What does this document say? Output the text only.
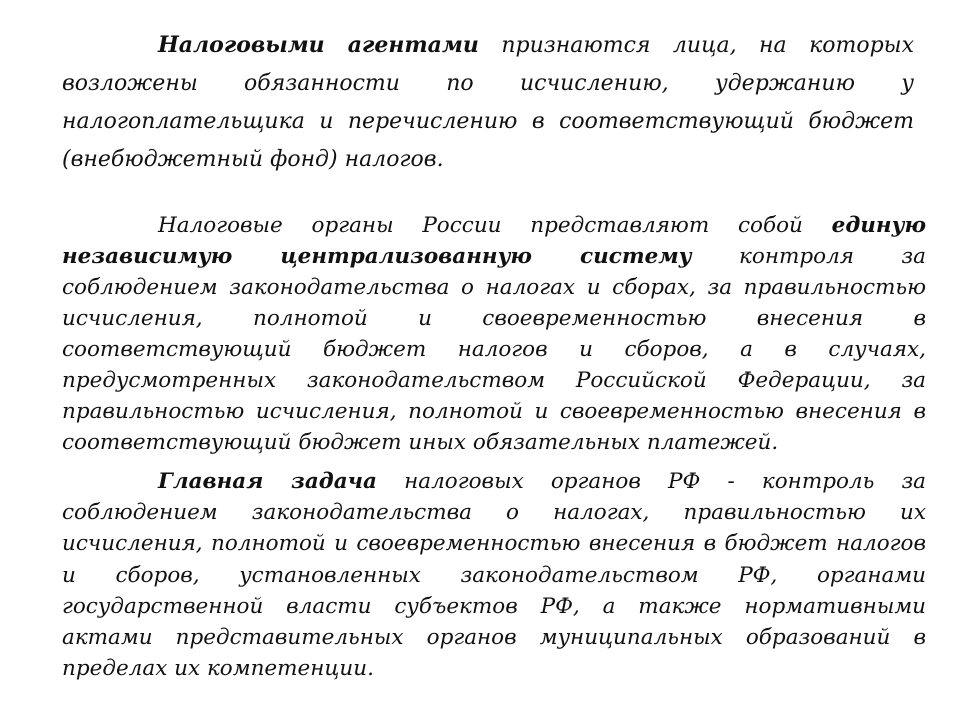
Налоговыми агентами признаются лица, на которых возложены обязанности по исчислению, удержанию у налогоплательщика и перечислению в соответствующий бюджет (внебюджетный фонд) налогов.

Налоговые органы России представляют собой единую независимую централизованную систему контроля за соблюдением законодательства о налогах и сборах, за правильностью исчисления, полнотой и своевременностью внесения в соответствующий бюджет налогов и сборов, а в случаях, предусмотренных законодательством Российской Федерации, за правильностью исчисления, полнотой и своевременностью внесения в соответствующий бюджет иных обязательных платежей.

Главная задача налоговых органов РФ - контроль за соблюдением законодательства о налогах, правильностью их исчисления, полнотой и своевременностью внесения в бюджет налогов и сборов, установленных законодательством РФ, органами государственной власти субъектов РФ, а также нормативными актами представительных органов муниципальных образований в пределах их компетенции.
